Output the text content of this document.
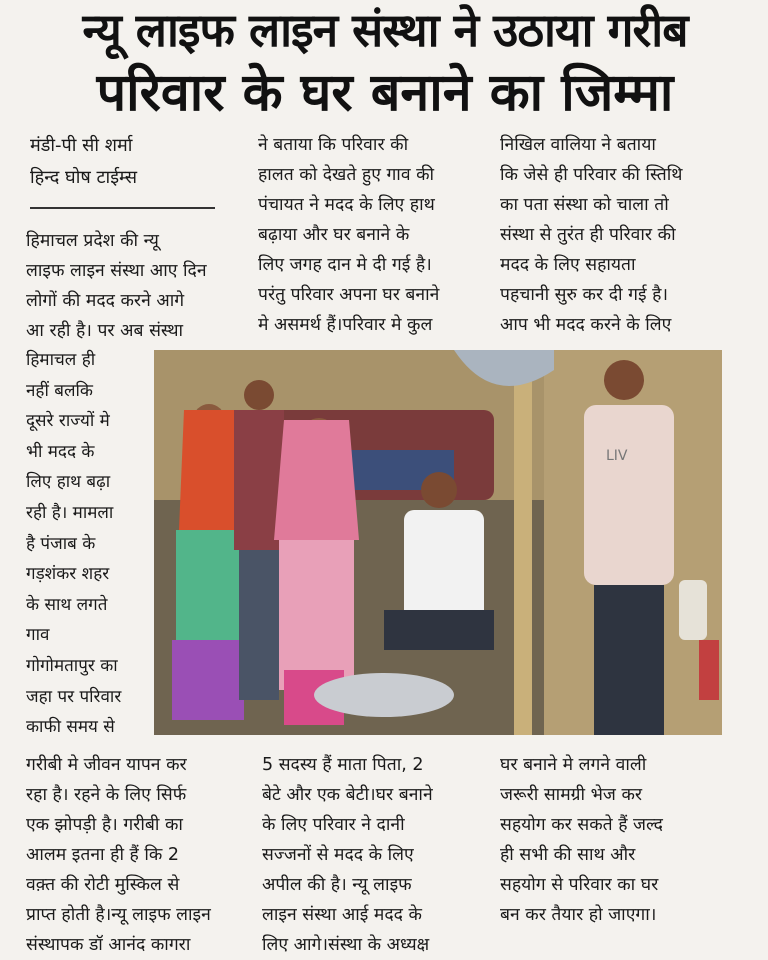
न्यू लाइफ लाइन संस्था ने उठाया गरीब
परिवार के घर बनाने का जिम्मा
मंडी-पी सी शर्मा
हिन्द घोष टाईम्स
हिमाचल प्रदेश की न्यू
लाइफ लाइन संस्था आए दिन
लोगों की मदद करने आगे
आ रही है। पर अब संस्था
हिमाचल ही
नहीं बलकि
दूसरे राज्यों मे
भी मदद के
लिए हाथ बढ़ा
रही है। मामला
है पंजाब के
गड़शंकर शहर
के साथ लगते
गाव
गोगोमतापुर का
जहा पर परिवार
काफी समय से
गरीबी मे जीवन यापन कर
रहा है। रहने के लिए सिर्फ
एक झोपड़ी है। गरीबी का
आलम इतना ही हैं कि 2
वक़्त की रोटी मुस्किल से
प्राप्त होती है।न्यू लाइफ लाइन
संस्थापक डॉ आनंद कागरा
ने बताया कि परिवार की
हालत को देखते हुए गाव की
पंचायत ने मदद के लिए हाथ
बढ़ाया और घर बनाने के
लिए जगह दान मे दी गई है।
परंतु परिवार अपना घर बनाने
मे असमर्थ हैं।परिवार मे कुल
5 सदस्य हैं माता पिता, 2
बेटे और एक बेटी।घर बनाने
के लिए परिवार ने दानी
सज्जनों से मदद के लिए
अपील की है। न्यू लाइफ
लाइन संस्था आई मदद के
लिए आगे।संस्था के अध्यक्ष
निखिल वालिया ने बताया
कि जेसे ही परिवार की स्तिथि
का पता संस्था को चाला तो
संस्था से तुरंत ही परिवार की
मदद के लिए सहायता
पहचानी सुरु कर दी गई है।
आप भी मदद करने के लिए
घर बनाने मे लगने वाली
जरूरी सामग्री भेज कर
सहयोग कर सकते हैं जल्द
ही सभी की साथ और
सहयोग से परिवार का घर
बन कर तैयार हो जाएगा।
LIV
